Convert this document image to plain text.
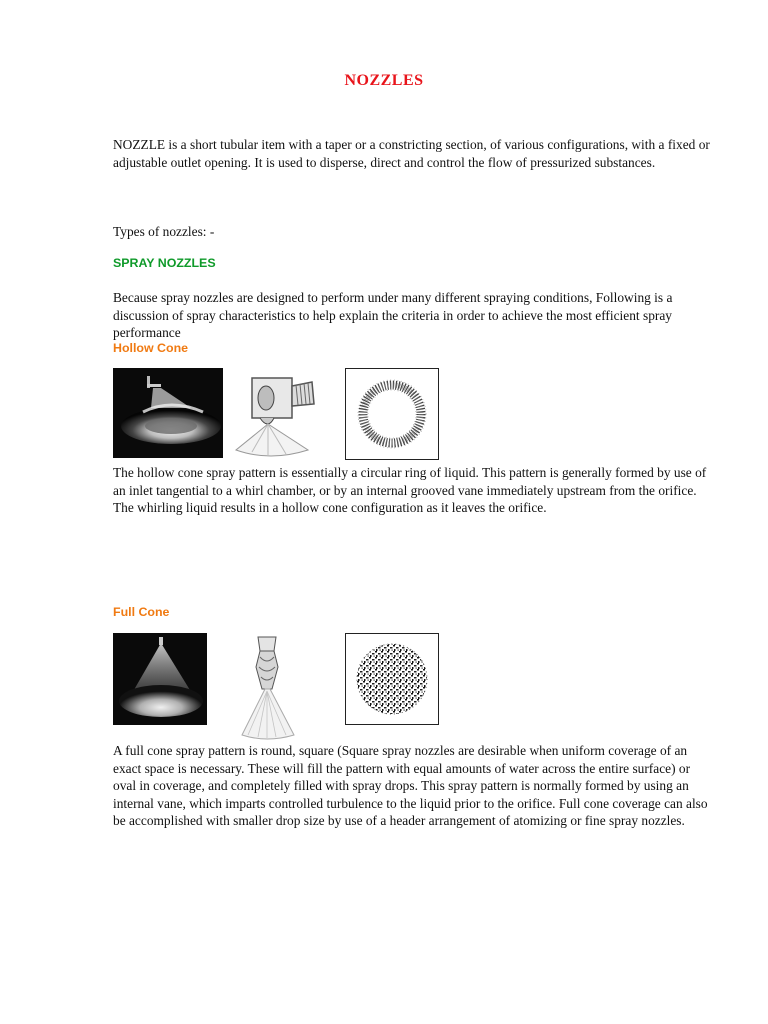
NOZZLES
NOZZLE is a short tubular item with a taper or a constricting section, of various configurations, with a fixed or adjustable outlet opening. It is used to disperse, direct and control the flow of pressurized substances.
Types of nozzles: -
SPRAY NOZZLES
Because spray nozzles are designed to perform under many different spraying conditions, Following is a discussion of spray characteristics to help explain the criteria in order to achieve the most efficient spray performance
Hollow Cone
The hollow cone spray pattern is essentially a circular ring of liquid. This pattern is generally formed by use of an inlet tangential to a whirl chamber, or by an internal grooved vane immediately upstream from the orifice. The whirling liquid results in a hollow cone configuration as it leaves the orifice.
Full Cone
A full cone spray pattern is round, square (Square spray nozzles are desirable when uniform coverage of an exact space is necessary. These will fill the pattern with equal amounts of water across the entire surface) or oval in coverage, and completely filled with spray drops. This spray pattern is normally formed by using an internal vane, which imparts controlled turbulence to the liquid prior to the orifice. Full cone coverage can also be accomplished with smaller drop size by use of a header arrangement of atomizing or fine spray nozzles.
